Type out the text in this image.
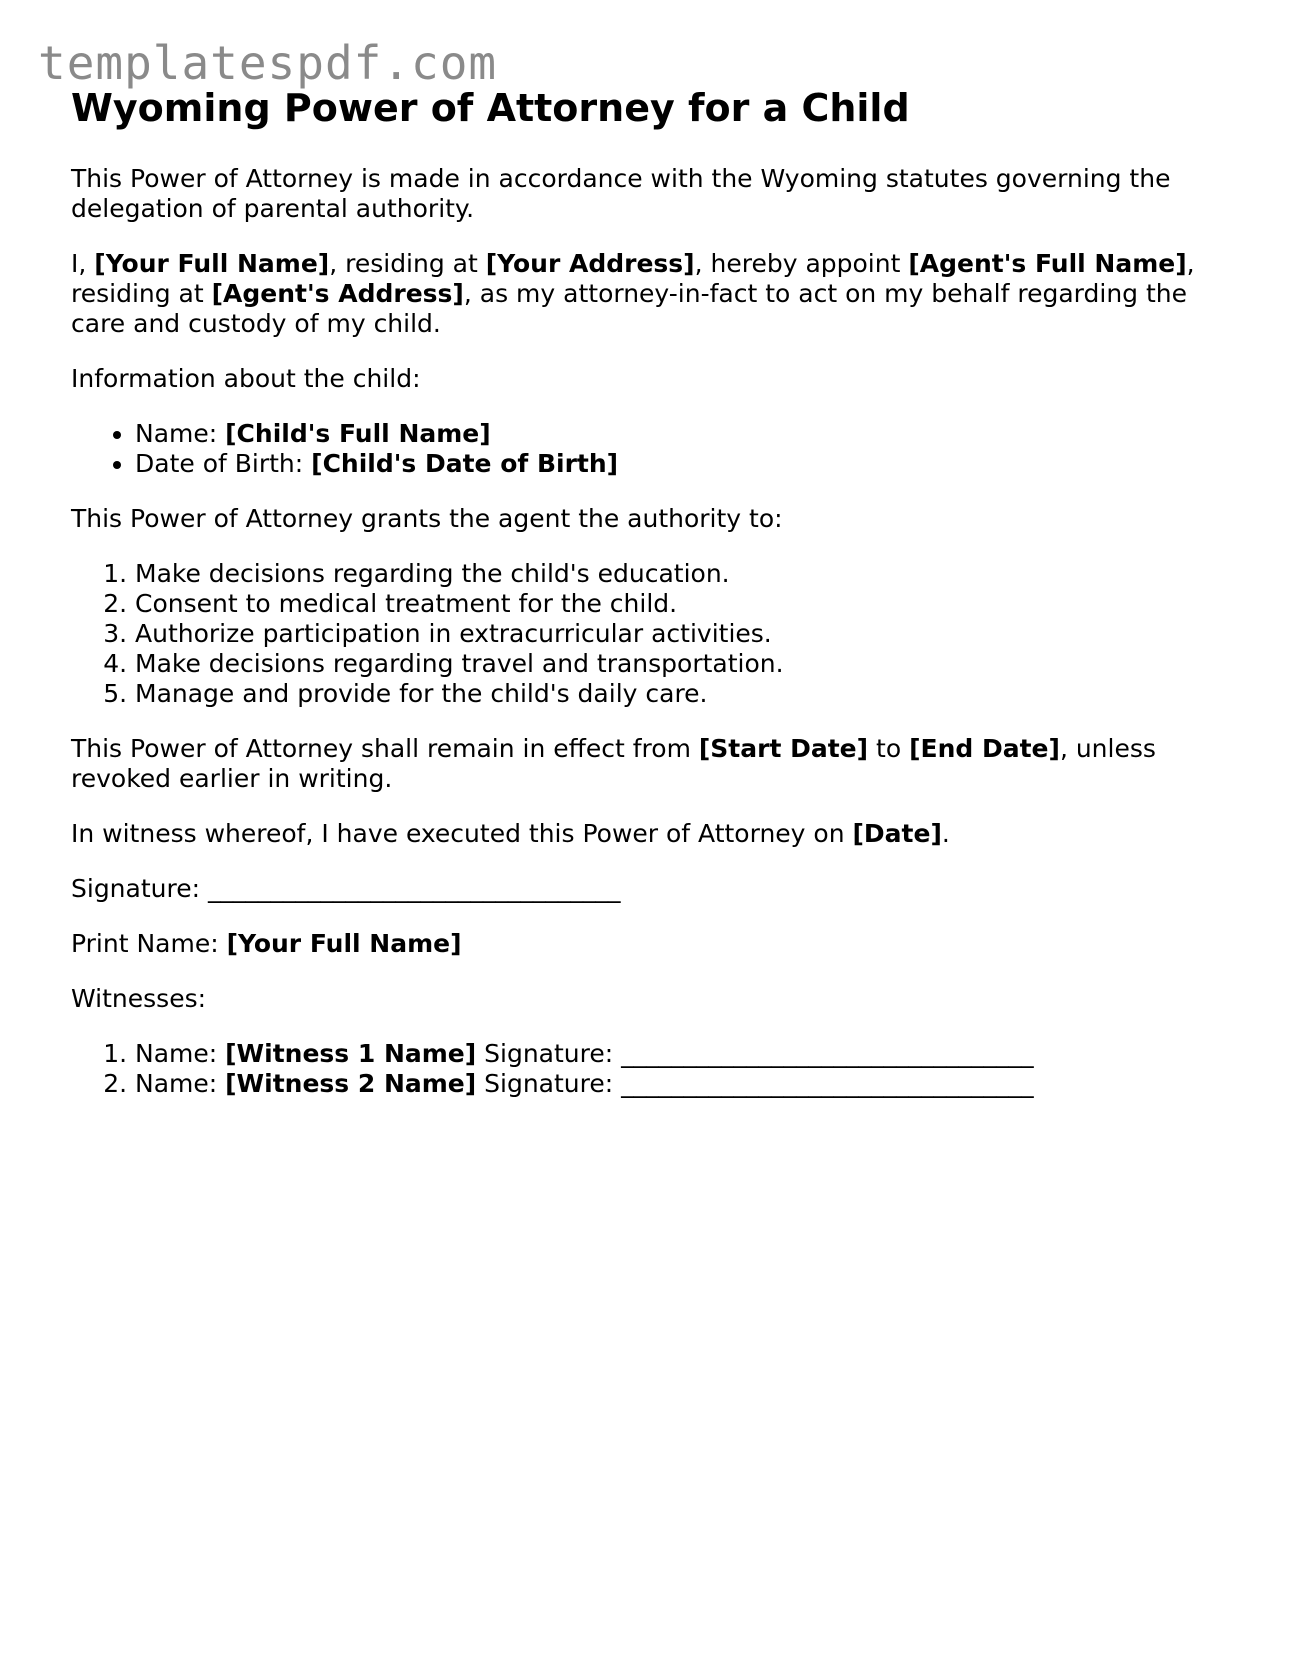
templatespdf.com
Wyoming Power of Attorney for a Child

This Power of Attorney is made in accordance with the Wyoming statutes governing the delegation of parental authority.

I, [Your Full Name], residing at [Your Address], hereby appoint [Agent's Full Name], residing at [Agent's Address], as my attorney-in-fact to act on my behalf regarding the care and custody of my child.

Information about the child:

• Name: [Child's Full Name]
• Date of Birth: [Child's Date of Birth]

This Power of Attorney grants the agent the authority to:

1. Make decisions regarding the child's education.
2. Consent to medical treatment for the child.
3. Authorize participation in extracurricular activities.
4. Make decisions regarding travel and transportation.
5. Manage and provide for the child's daily care.

This Power of Attorney shall remain in effect from [Start Date] to [End Date], unless revoked earlier in writing.

In witness whereof, I have executed this Power of Attorney on [Date].

Signature: _________________________________

Print Name: [Your Full Name]

Witnesses:

1. Name: [Witness 1 Name] Signature: _________________________________
2. Name: [Witness 2 Name] Signature: _________________________________
